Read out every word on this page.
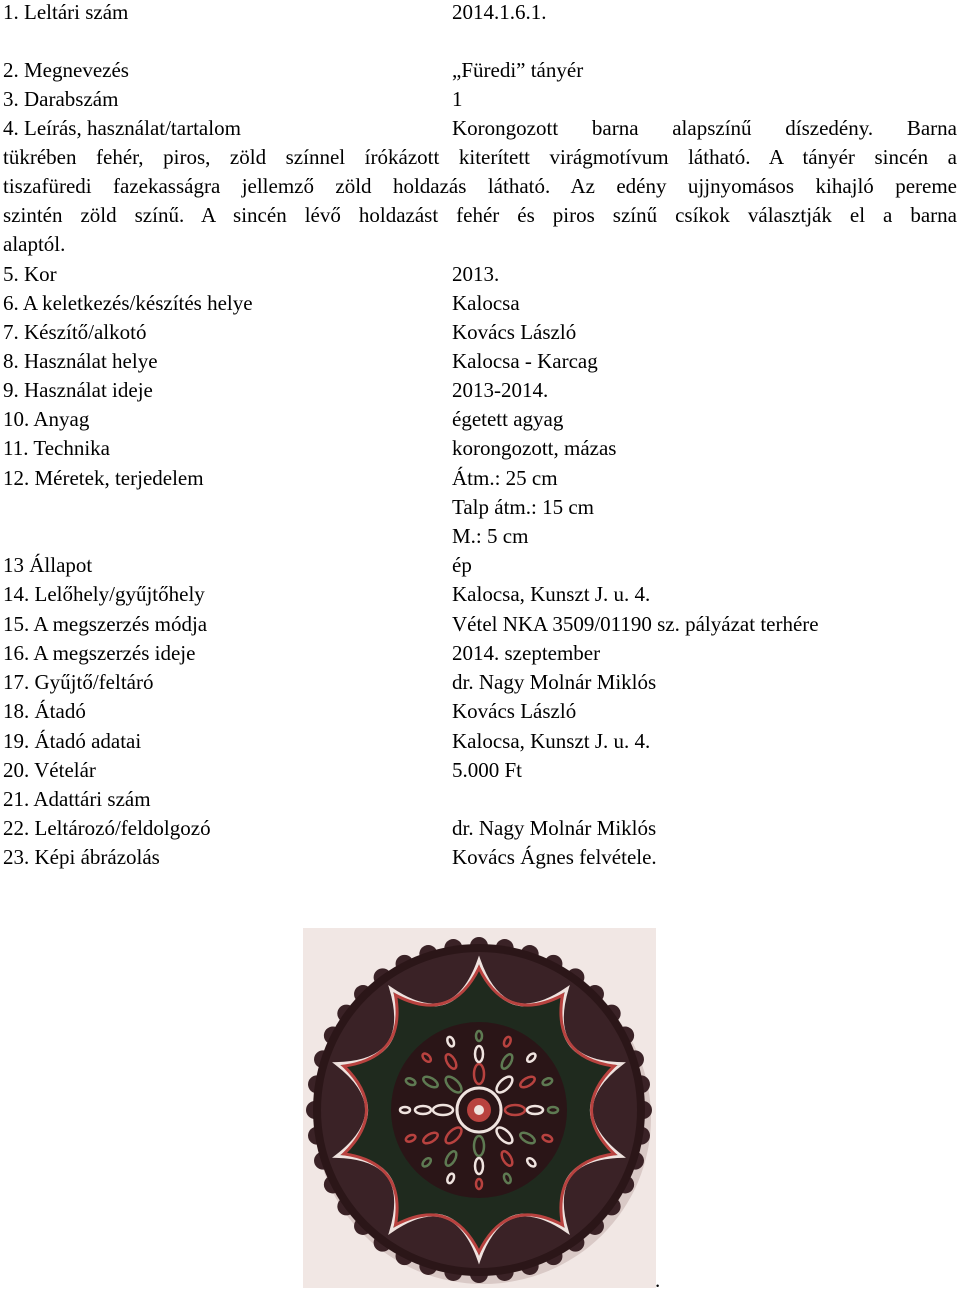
1. Leltári szám	2014.1.6.1.
2. Megnevezés	„Füredi” tányér
3. Darabszám	1
4. Leírás, használat/tartalom	Korongozott barna alapszínű díszedény. Barna
tükrében fehér, piros, zöld színnel írókázott kiterített virágmotívum látható. A tányér sincén a
tiszafüredi fazekasságra jellemző zöld holdazás látható. Az edény ujjnyomásos kihajló pereme
szintén zöld színű. A sincén lévő holdazást fehér és piros színű csíkok választják el a barna
alaptól.
5. Kor	2013.
6. A keletkezés/készítés helye	Kalocsa
7. Készítő/alkotó	Kovács László
8. Használat helye	Kalocsa - Karcag
9. Használat ideje	2013-2014.
10. Anyag	égetett agyag
11. Technika	korongozott, mázas
12. Méretek, terjedelem	Átm.: 25 cm
Talp átm.: 15 cm
M.: 5 cm
13 Állapot	ép
14. Lelőhely/gyűjtőhely	Kalocsa, Kunszt J. u. 4.
15. A megszerzés módja	Vétel NKA 3509/01190 sz. pályázat terhére
16. A megszerzés ideje	2014. szeptember
17. Gyűjtő/feltáró	dr. Nagy Molnár Miklós
18. Átadó	Kovács László
19. Átadó adatai	Kalocsa, Kunszt J. u. 4.
20. Vételár	5.000 Ft
21. Adattári szám
22. Leltározó/feldolgozó	dr. Nagy Molnár Miklós
23. Képi ábrázolás	Kovács Ágnes felvétele.
.
